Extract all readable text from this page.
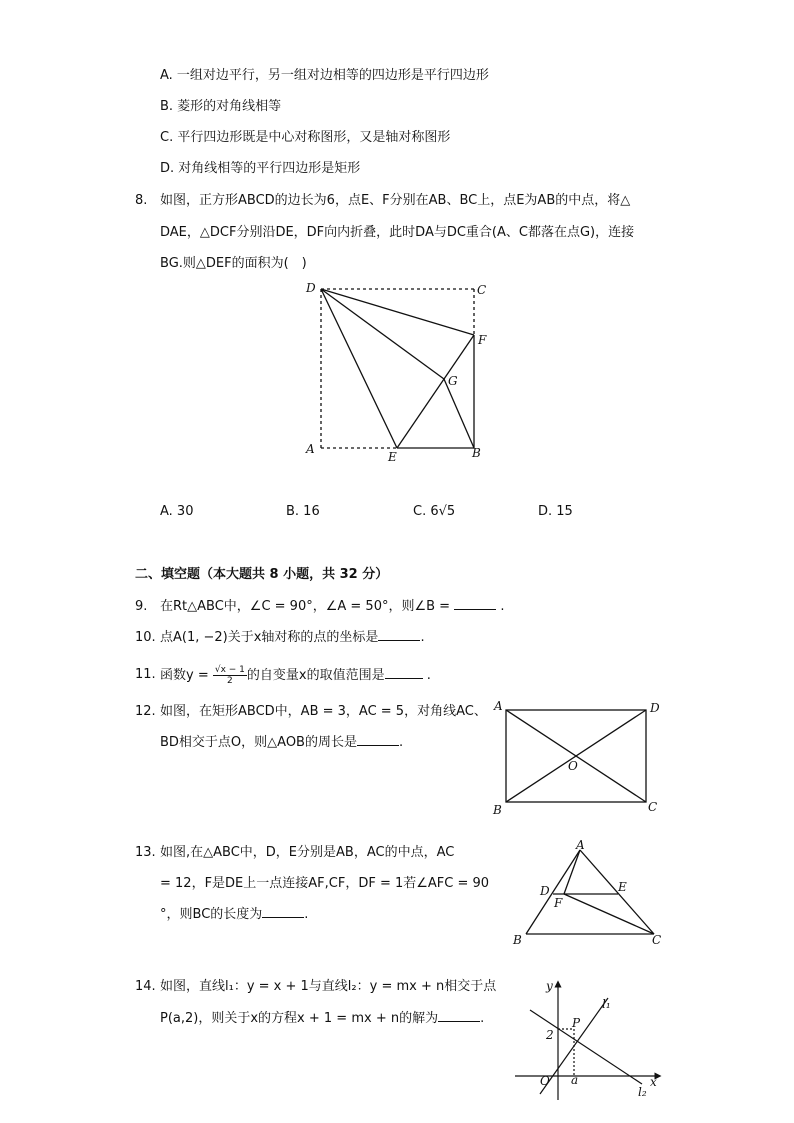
A. 一组对边平行，另一组对边相等的四边形是平行四边形
B. 菱形的对角线相等
C. 平行四边形既是中心对称图形，又是轴对称图形
D. 对角线相等的平行四边形是矩形
8. 如图，正方形ABCD的边长为6，点E、F分别在AB、BC上，点E为AB的中点，将△
DAE，△DCF分别沿DE，DF向内折叠，此时DA与DC重合(A、C都落在点G)，连接
BG.则△DEF的面积为(　)
D	C
F
G
A
E	B
A. 30	B. 16	C. 6√5	D. 15
二、填空题（本大题共 8 小题，共 32 分）
9. 在Rt△ABC中，∠C = 90°，∠A = 50°，则∠B =	.
10. 点A(1, −2)关于x轴对称的点的坐标是	.
11. 函数$y = \frac{√x - 1}{2}$ 的自变量x的取值范围是	.
12. 如图，在矩形ABCD中，AB = 3，AC = 5，对角线AC、
BD相交于点O，则△AOB的周长是	.
A	D
O
B	C
13. 如图,在△ABC中，D，E分别是AB，AC的中点，AC
= 12，F是DE上一点连接AF,CF，DF = 1若∠AFC = 90
°，则BC的长度为	.
A
D	E
F
B	C
14. 如图，直线l₁：y = x + 1与直线l₂：y = mx + n相交于点
P(a,2)，则关于x的方程x + 1 = mx + n的解为	.
y
x
O a
2
P
l₁
l₂
